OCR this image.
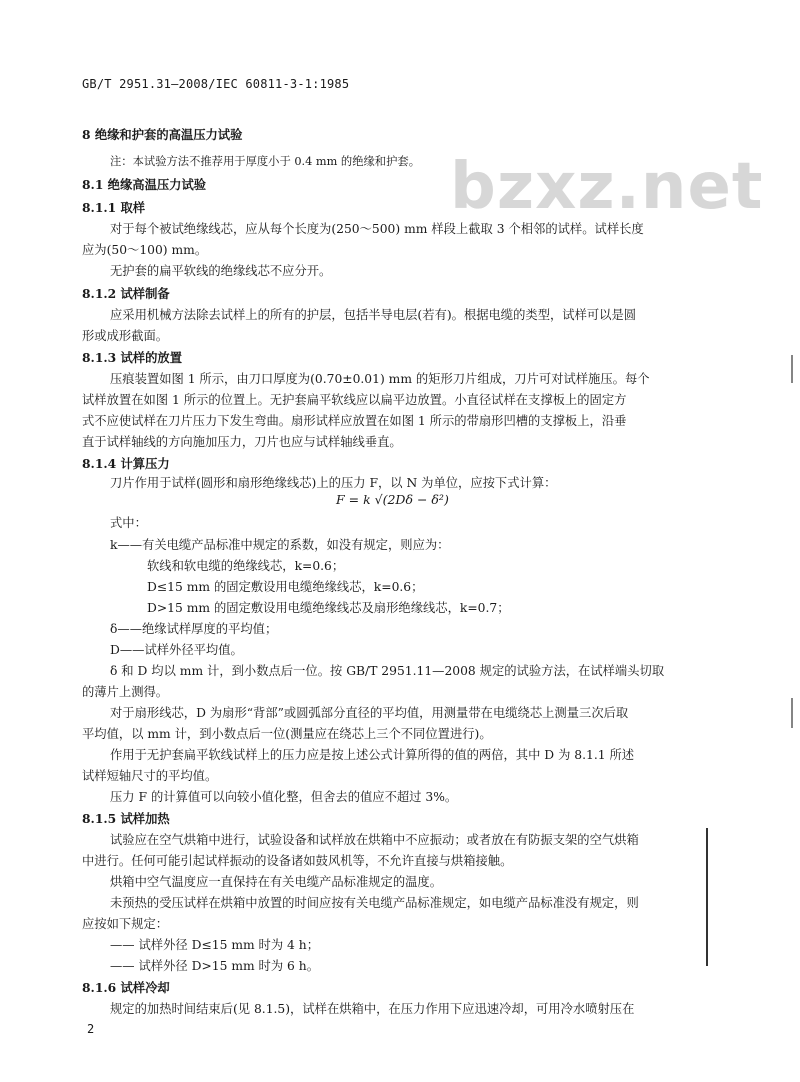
GB/T 2951.31—2008/IEC 60811-3-1:1985
bzxz.net
8 绝缘和护套的高温压力试验
注：本试验方法不推荐用于厚度小于 0.4 mm 的绝缘和护套。
8.1 绝缘高温压力试验
8.1.1 取样
对于每个被试绝缘线芯，应从每个长度为(250～500) mm 样段上截取 3 个相邻的试样。试样长度
应为(50～100) mm。
无护套的扁平软线的绝缘线芯不应分开。
8.1.2 试样制备
应采用机械方法除去试样上的所有的护层，包括半导电层(若有)。根据电缆的类型，试样可以是圆
形或成形截面。
8.1.3 试样的放置
压痕装置如图 1 所示，由刀口厚度为(0.70±0.01) mm 的矩形刀片组成，刀片可对试样施压。每个
试样放置在如图 1 所示的位置上。无护套扁平软线应以扁平边放置。小直径试样在支撑板上的固定方
式不应使试样在刀片压力下发生弯曲。扇形试样应放置在如图 1 所示的带扇形凹槽的支撑板上，沿垂
直于试样轴线的方向施加压力，刀片也应与试样轴线垂直。
8.1.4 计算压力
刀片作用于试样(圆形和扇形绝缘线芯)上的压力 F，以 N 为单位，应按下式计算：
F = k √(2Dδ − δ²)
式中：
k——有关电缆产品标准中规定的系数，如没有规定，则应为：
软线和软电缆的绝缘线芯，k=0.6；
D≤15 mm 的固定敷设用电缆绝缘线芯，k=0.6；
D>15 mm 的固定敷设用电缆绝缘线芯及扇形绝缘线芯，k=0.7；
δ——绝缘试样厚度的平均值；
D——试样外径平均值。
δ 和 D 均以 mm 计，到小数点后一位。按 GB/T 2951.11—2008 规定的试验方法，在试样端头切取
的薄片上测得。
对于扇形线芯，D 为扇形“背部”或圆弧部分直径的平均值，用测量带在电缆绕芯上测量三次后取
平均值，以 mm 计，到小数点后一位(测量应在绕芯上三个不同位置进行)。
作用于无护套扁平软线试样上的压力应是按上述公式计算所得的值的两倍，其中 D 为 8.1.1 所述
试样短轴尺寸的平均值。
压力 F 的计算值可以向较小值化整，但舍去的值应不超过 3%。
8.1.5 试样加热
试验应在空气烘箱中进行，试验设备和试样放在烘箱中不应振动；或者放在有防振支架的空气烘箱
中进行。任何可能引起试样振动的设备诸如鼓风机等，不允许直接与烘箱接触。
烘箱中空气温度应一直保持在有关电缆产品标准规定的温度。
未预热的受压试样在烘箱中放置的时间应按有关电缆产品标准规定，如电缆产品标准没有规定，则
应按如下规定：
—— 试样外径 D≤15 mm 时为 4 h；
—— 试样外径 D>15 mm 时为 6 h。
8.1.6 试样冷却
规定的加热时间结束后(见 8.1.5)，试样在烘箱中，在压力作用下应迅速冷却，可用冷水喷射压在
2
